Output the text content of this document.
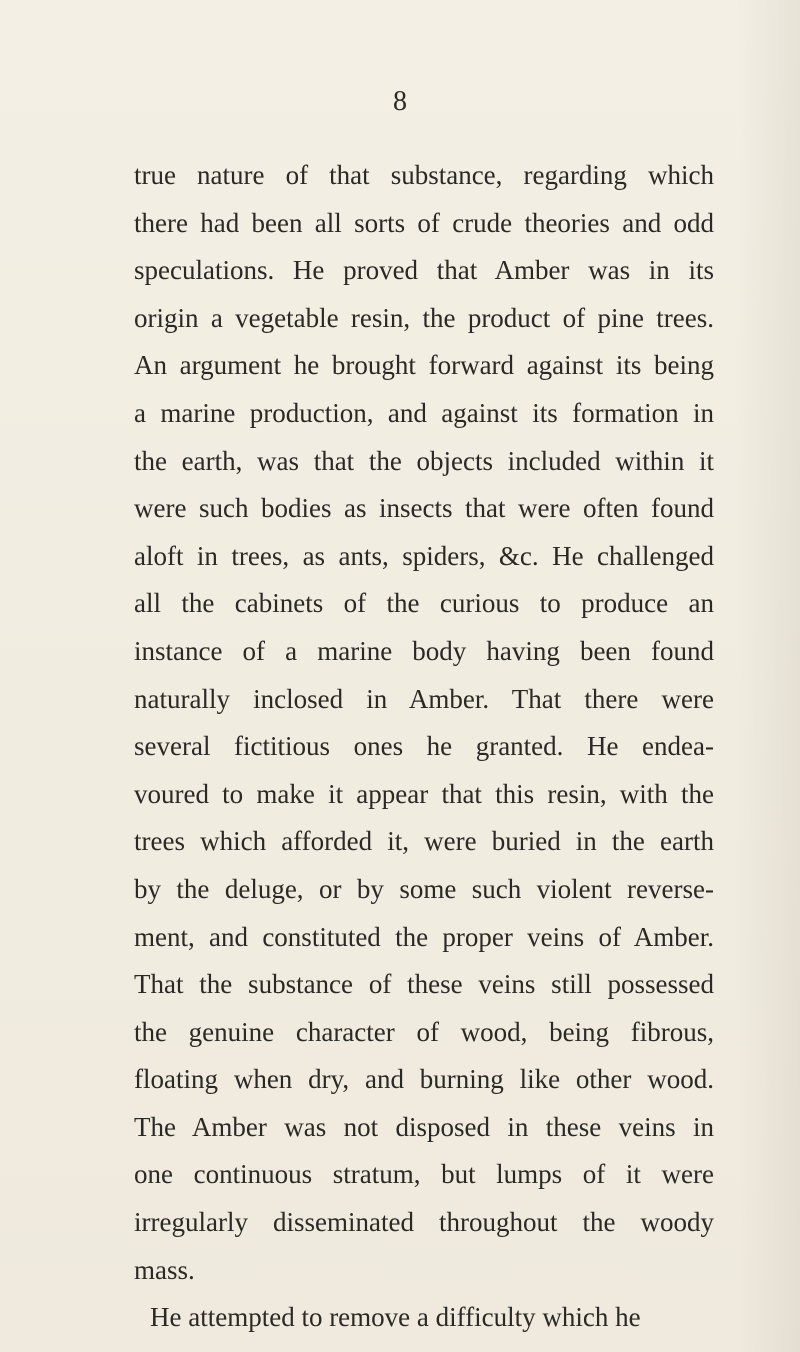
8
true nature of that substance, regarding which
there had been all sorts of crude theories and odd
speculations. He proved that Amber was in its
origin a vegetable resin, the product of pine trees.
An argument he brought forward against its being
a marine production, and against its formation in
the earth, was that the objects included within it
were such bodies as insects that were often found
aloft in trees, as ants, spiders, &c. He challenged
all the cabinets of the curious to produce an
instance of a marine body having been found
naturally inclosed in Amber. That there were
several fictitious ones he granted. He endea-
voured to make it appear that this resin, with the
trees which afforded it, were buried in the earth
by the deluge, or by some such violent reverse-
ment, and constituted the proper veins of Amber.
That the substance of these veins still possessed
the genuine character of wood, being fibrous,
floating when dry, and burning like other wood.
The Amber was not disposed in these veins in
one continuous stratum, but lumps of it were
irregularly disseminated throughout the woody
mass.
He attempted to remove a difficulty which he
